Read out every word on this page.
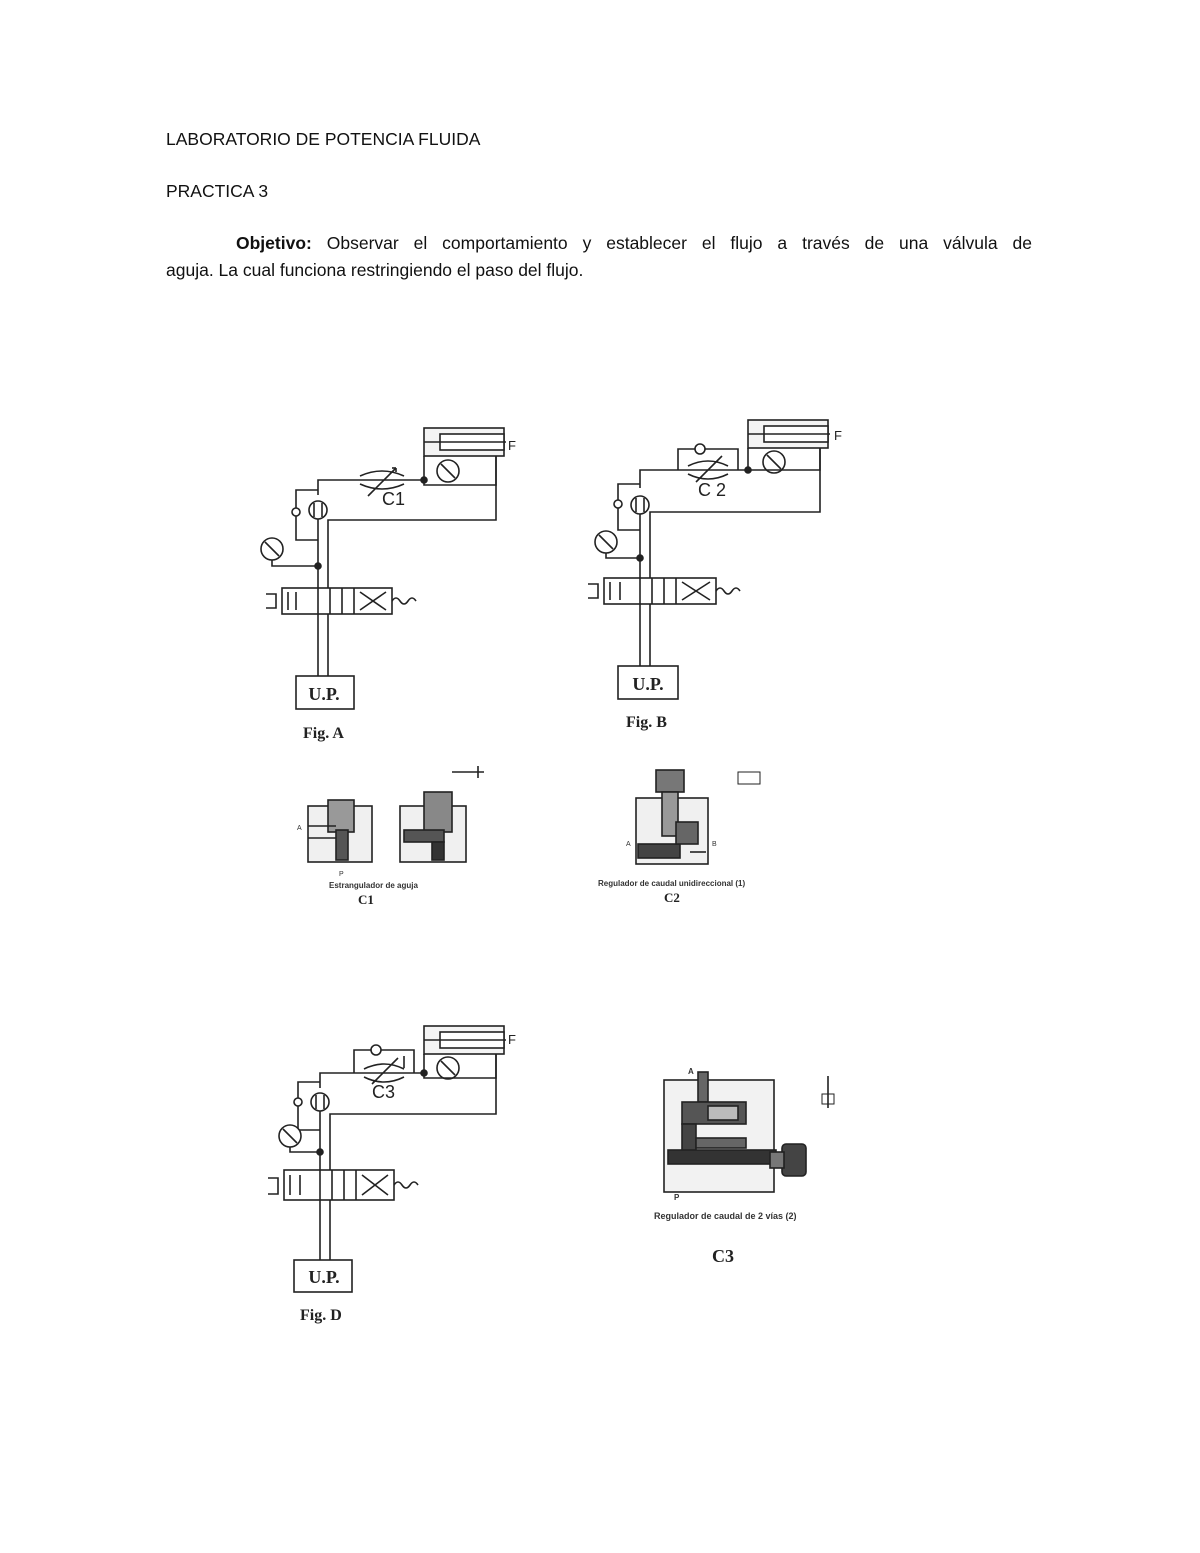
LABORATORIO DE POTENCIA FLUIDA
PRACTICA 3
Objetivo: Observar el comportamiento y establecer el flujo a través de una válvula de
aguja. La cual funciona restringiendo el paso del flujo.
U.P.
C1
F
Fig. A
U.P.
C 2
F
Fig. B
A
P
Estrangulador de aguja
C1
A	B
Regulador de caudal unidireccional (1)
C2
U.P.
C3
F
Fig. D
A
P
Regulador de caudal de 2 vías (2)
C3
